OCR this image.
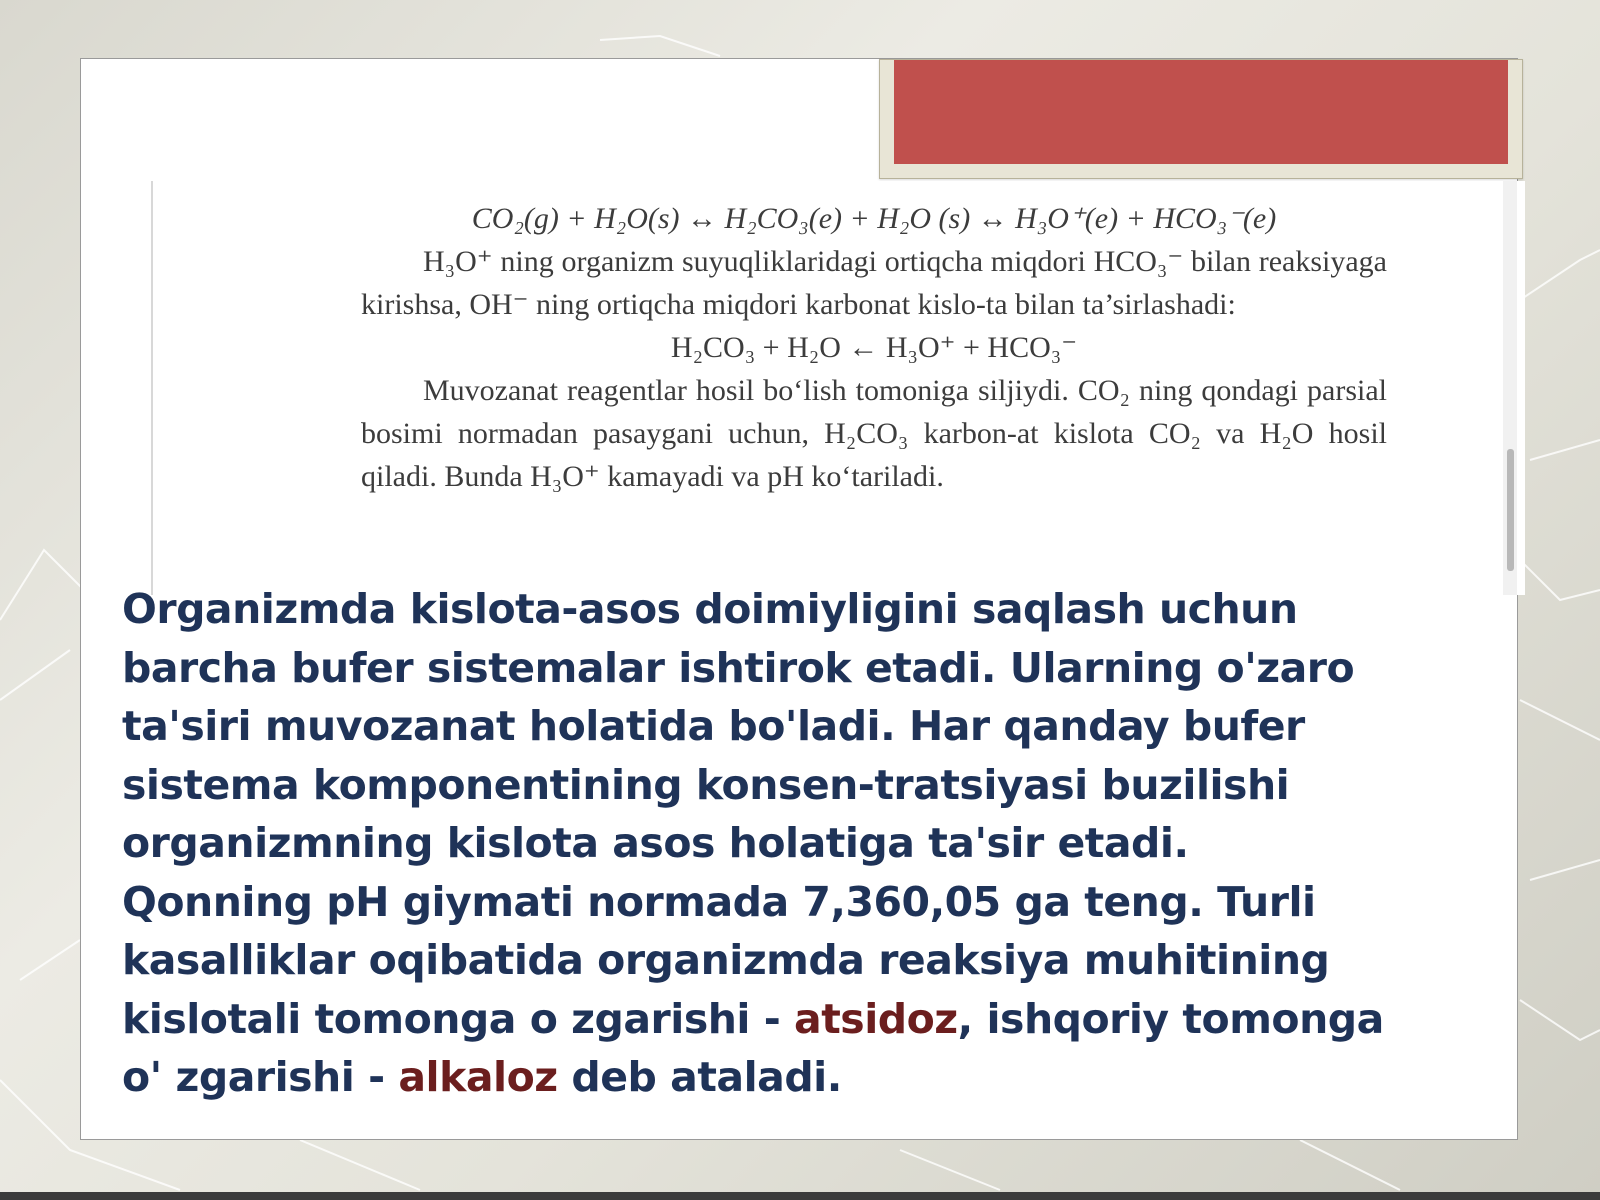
CO₂(g) + H₂O(s) ↔ H₂CO₃(e) + H₂O (s) ↔ H₃O⁺(e) + HCO₃⁻(e)
H₃O⁺ ning organizm suyuqliklaridagi ortiqcha miqdori HCO₃⁻ bilan reaksiyaga kirishsa, OH⁻ ning ortiqcha miqdori karbonat kislo-ta bilan ta’sirlashadi:
H₂CO₃ + H₂O ← H₃O⁺ + HCO₃⁻
Muvozanat reagentlar hosil bo‘lish tomoniga siljiydi. CO₂ ning qondagi parsial bosimi normadan pasaygani uchun, H₂CO₃ karbon-at kislota CO₂ va H₂O hosil qiladi. Bunda H₃O⁺ kamayadi va pH ko‘tariladi.
Organizmda kislota-asos doimiyligini saqlash uchun
barcha bufer sistemalar ishtirok etadi. Ularning o'zaro
ta'siri muvozanat holatida bo'ladi. Har qanday bufer
sistema komponentining konsen-tratsiyasi buzilishi
organizmning kislota asos holatiga ta'sir etadi.
Qonning pH giymati normada 7,360,05 ga teng. Turli
kasalliklar oqibatida organizmda reaksiya muhitining
kislotali tomonga o zgarishi - atsidoz, ishqoriy tomonga
o' zgarishi - alkaloz deb ataladi.
